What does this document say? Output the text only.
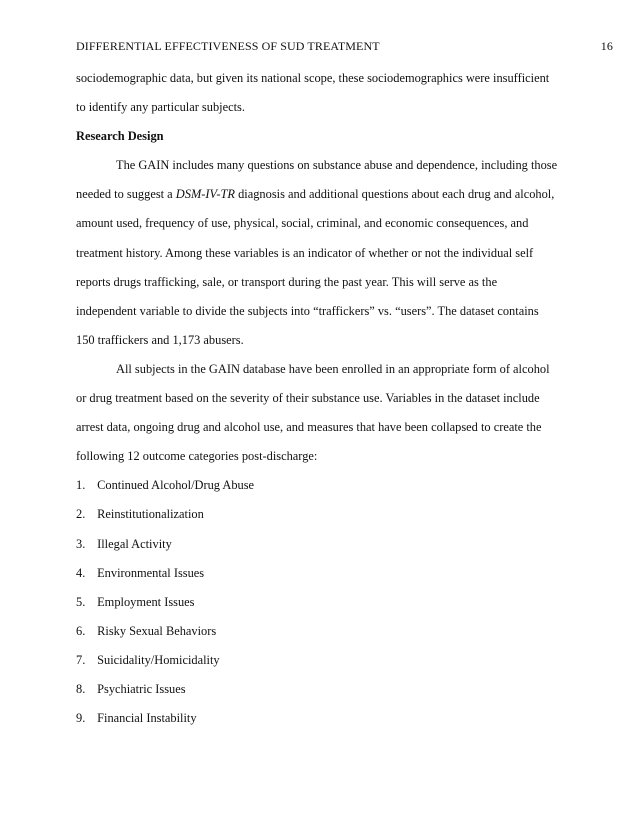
DIFFERENTIAL EFFECTIVENESS OF SUD TREATMENT	16
sociodemographic data, but given its national scope, these sociodemographics were insufficient
to identify any particular subjects.
Research Design
The GAIN includes many questions on substance abuse and dependence, including those
needed to suggest a DSM-IV-TR diagnosis and additional questions about each drug and alcohol,
amount used, frequency of use, physical, social, criminal, and economic consequences, and
treatment history. Among these variables is an indicator of whether or not the individual self
reports drugs trafficking, sale, or transport during the past year. This will serve as the
independent variable to divide the subjects into “traffickers” vs. “users”. The dataset contains
150 traffickers and 1,173 abusers.
All subjects in the GAIN database have been enrolled in an appropriate form of alcohol
or drug treatment based on the severity of their substance use. Variables in the dataset include
arrest data, ongoing drug and alcohol use, and measures that have been collapsed to create the
following 12 outcome categories post-discharge:
1. Continued Alcohol/Drug Abuse
2. Reinstitutionalization
3. Illegal Activity
4. Environmental Issues
5. Employment Issues
6. Risky Sexual Behaviors
7. Suicidality/Homicidality
8. Psychiatric Issues
9. Financial Instability
